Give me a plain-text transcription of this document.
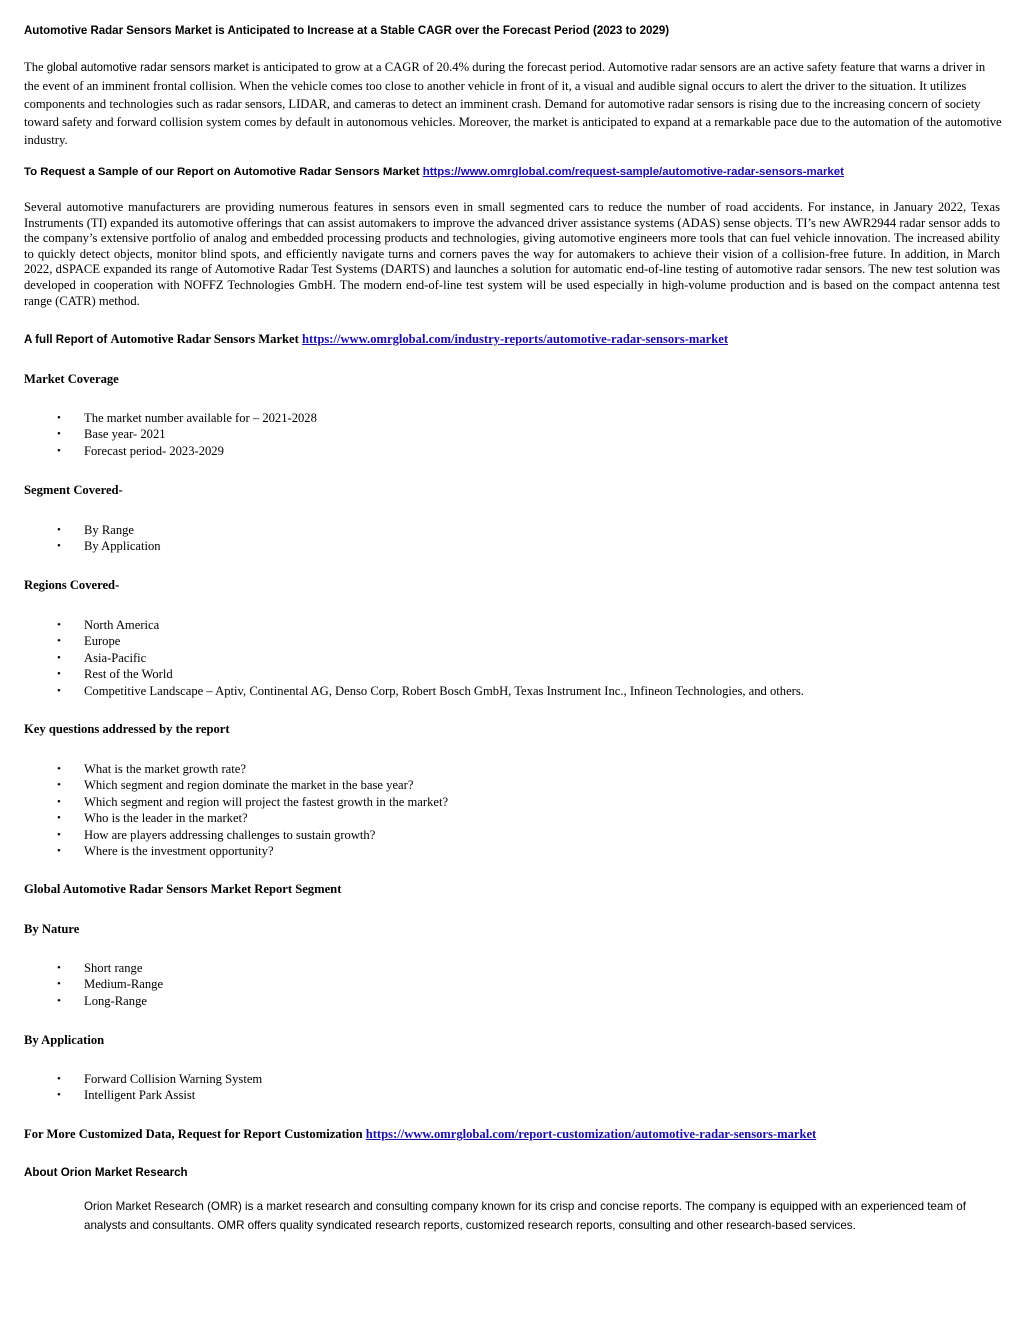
Automotive Radar Sensors Market is Anticipated to Increase at a Stable CAGR over the Forecast Period (2023 to 2029)

The global automotive radar sensors market is anticipated to grow at a CAGR of 20.4% during the forecast period. Automotive radar sensors are an active safety feature that warns a driver in the event of an imminent frontal collision. When the vehicle comes too close to another vehicle in front of it, a visual and audible signal occurs to alert the driver to the situation. It utilizes components and technologies such as radar sensors, LIDAR, and cameras to detect an imminent crash. Demand for automotive radar sensors is rising due to the increasing concern of society toward safety and forward collision system comes by default in autonomous vehicles. Moreover, the market is anticipated to expand at a remarkable pace due to the automation of the automotive industry.

To Request a Sample of our Report on Automotive Radar Sensors Market https://www.omrglobal.com/request-sample/automotive-radar-sensors-market

Several automotive manufacturers are providing numerous features in sensors even in small segmented cars to reduce the number of road accidents. For instance, in January 2022, Texas Instruments (TI) expanded its automotive offerings that can assist automakers to improve the advanced driver assistance systems (ADAS) sense objects. TI’s new AWR2944 radar sensor adds to the company’s extensive portfolio of analog and embedded processing products and technologies, giving automotive engineers more tools that can fuel vehicle innovation. The increased ability to quickly detect objects, monitor blind spots, and efficiently navigate turns and corners paves the way for automakers to achieve their vision of a collision-free future. In addition, in March 2022, dSPACE expanded its range of Automotive Radar Test Systems (DARTS) and launches a solution for automatic end-of-line testing of automotive radar sensors. The new test solution was developed in cooperation with NOFFZ Technologies GmbH. The modern end-of-line test system will be used especially in high-volume production and is based on the compact antenna test range (CATR) method.

A full Report of Automotive Radar Sensors Market https://www.omrglobal.com/industry-reports/automotive-radar-sensors-market
Market Coverage
• The market number available for – 2021-2028
• Base year- 2021
• Forecast period- 2023-2029
Segment Covered-
• By Range
• By Application
Regions Covered-
• North America
• Europe
• Asia-Pacific
• Rest of the World
• Competitive Landscape – Aptiv, Continental AG, Denso Corp, Robert Bosch GmbH, Texas Instrument Inc., Infineon Technologies, and others.
Key questions addressed by the report
• What is the market growth rate?
• Which segment and region dominate the market in the base year?
• Which segment and region will project the fastest growth in the market?
• Who is the leader in the market?
• How are players addressing challenges to sustain growth?
• Where is the investment opportunity?
Global Automotive Radar Sensors Market Report Segment
By Nature
• Short range
• Medium-Range
• Long-Range
By Application
• Forward Collision Warning System
• Intelligent Park Assist
For More Customized Data, Request for Report Customization https://www.omrglobal.com/report-customization/automotive-radar-sensors-market
About Orion Market Research

Orion Market Research (OMR) is a market research and consulting company known for its crisp and concise reports. The company is equipped with an experienced team of analysts and consultants. OMR offers quality syndicated research reports, customized research reports, consulting and other research-based services.
